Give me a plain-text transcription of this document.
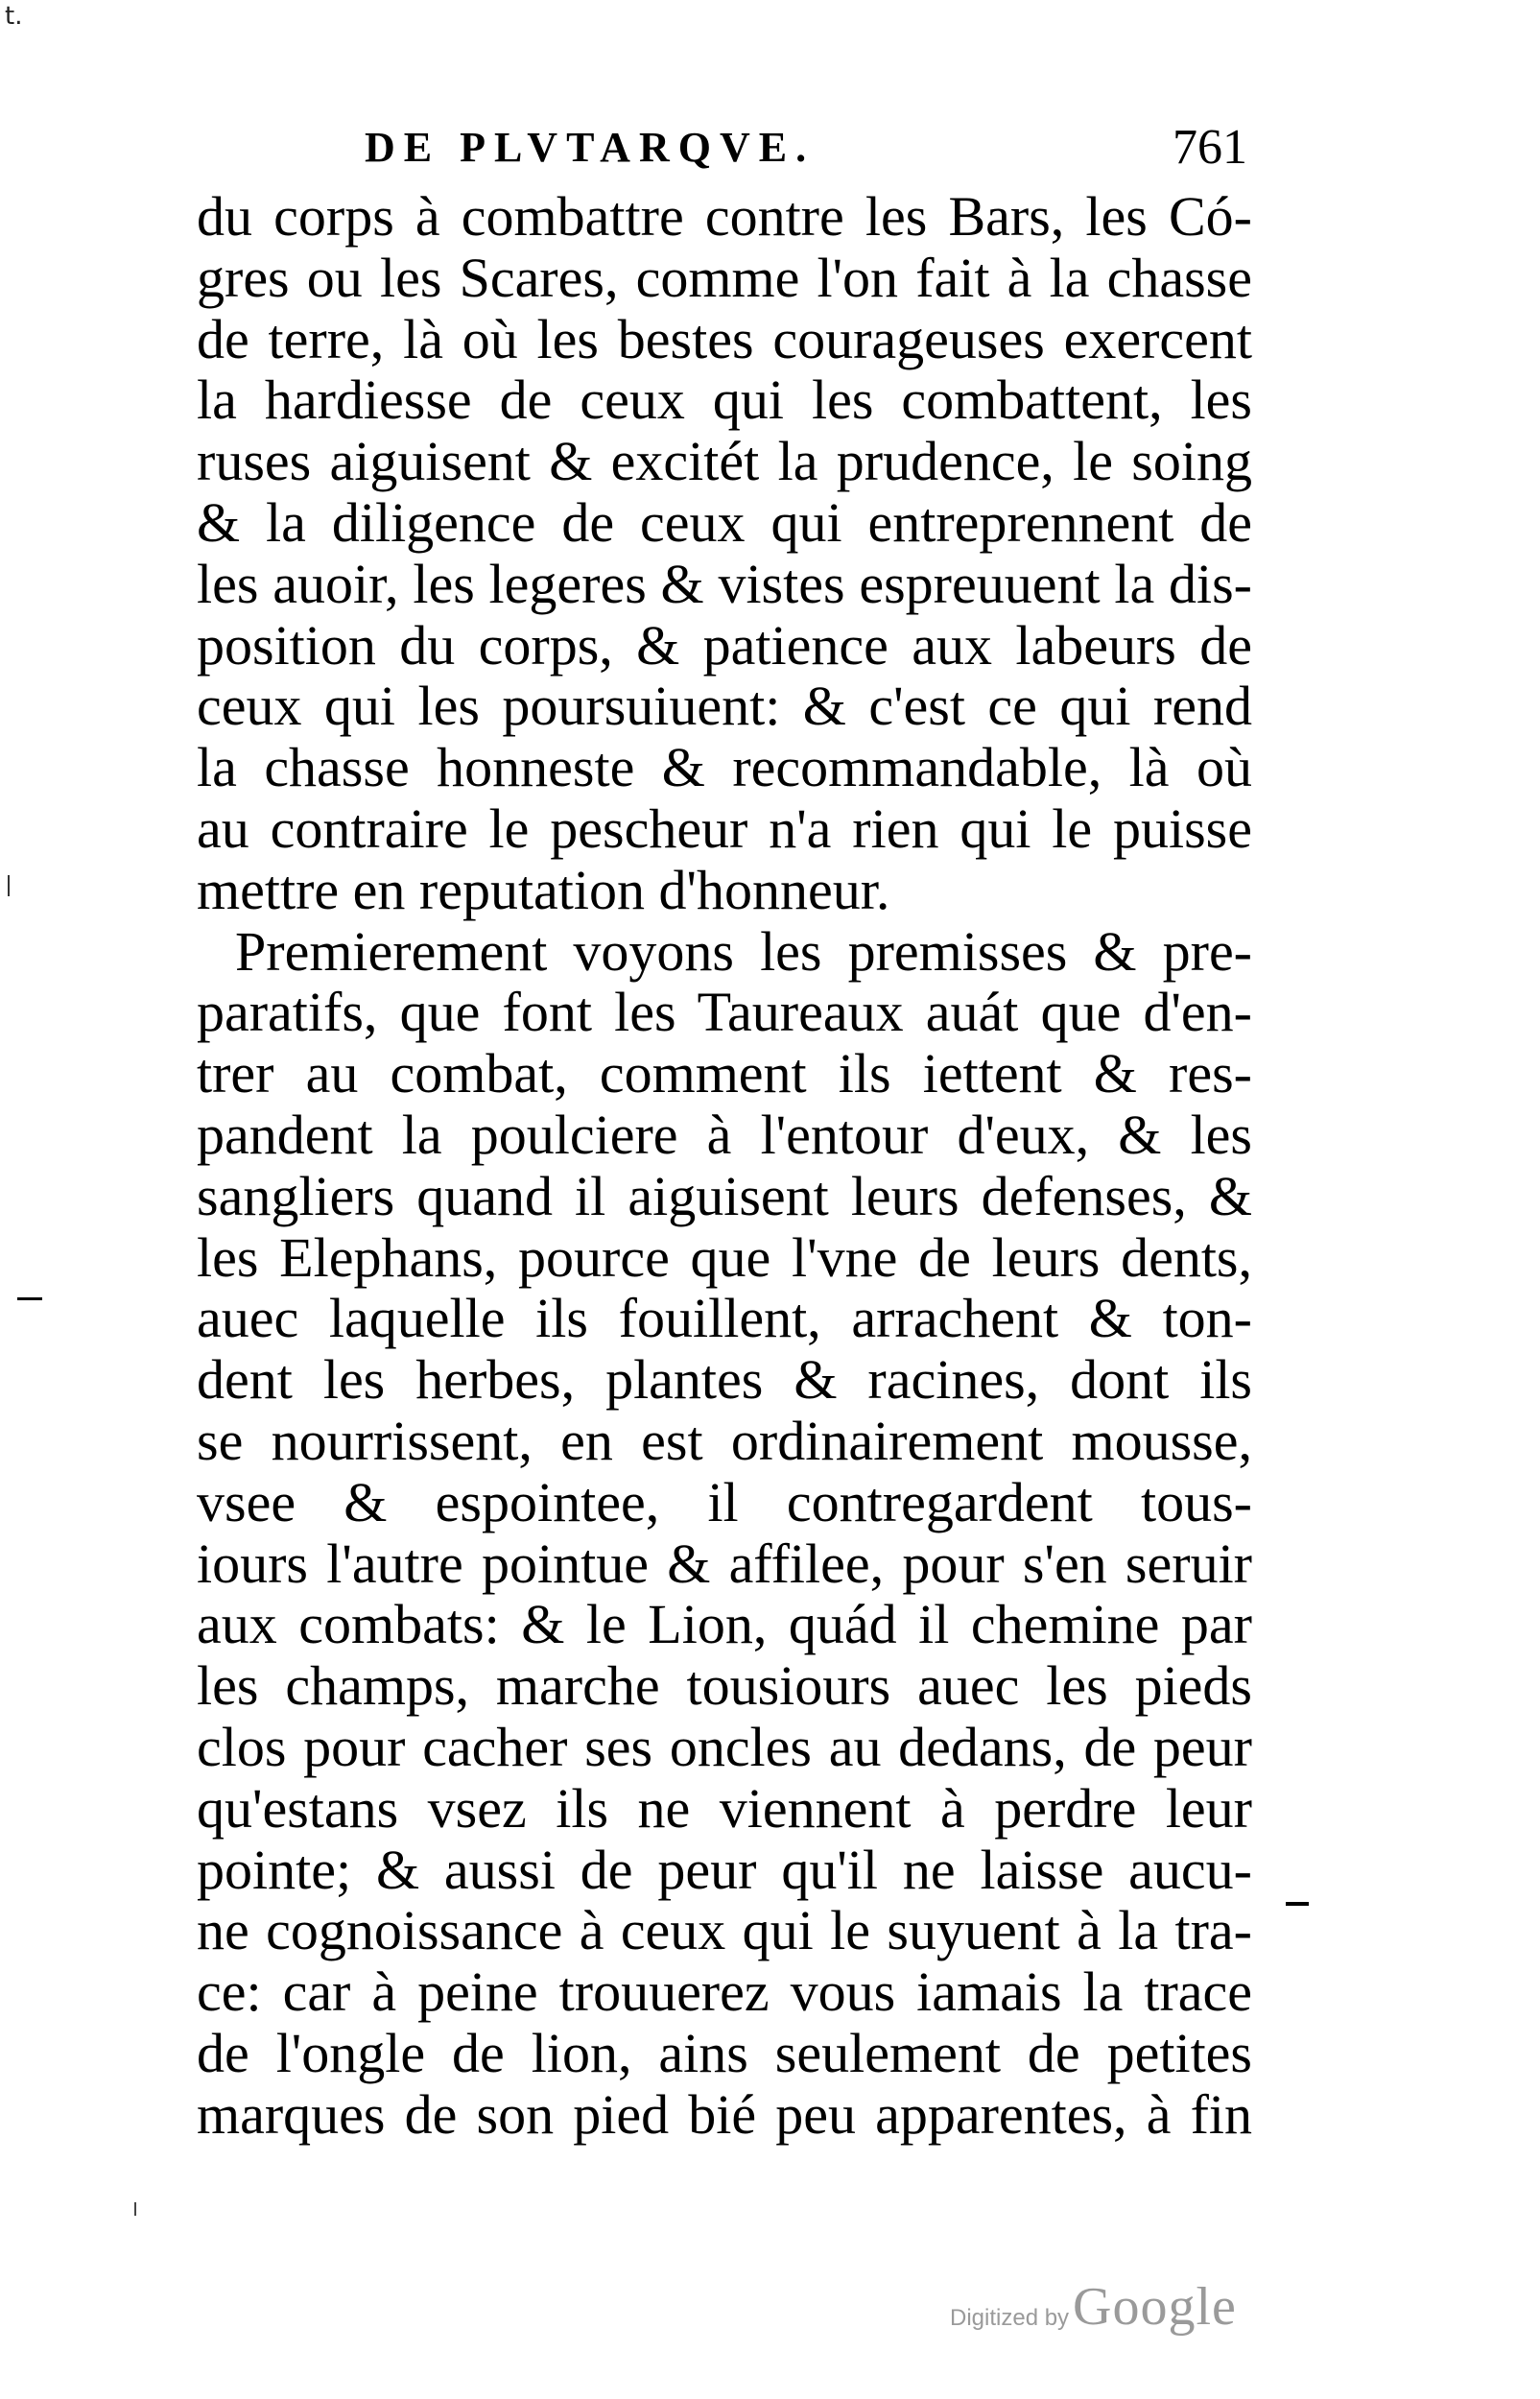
t.
DE PLVTARQVE.	761
du corps à combattre contre les Bars, les Có-
gres ou les Scares, comme l'on fait à la chasse
de terre, là où les bestes courageuses exercent
la hardiesse de ceux qui les combattent, les
ruses aiguisent & excitét la prudence, le soing
& la diligence de ceux qui entreprennent de
les auoir, les legeres & vistes espreuuent la dis-
position du corps, & patience aux labeurs de
ceux qui les poursuiuent: & c'est ce qui rend
la chasse honneste & recommandable, là où
au contraire le pescheur n'a rien qui le puisse
mettre en reputation d'honneur.
Premierement voyons les premisses & pre-
paratifs, que font les Taureaux auát que d'en-
trer au combat, comment ils iettent & res-
pandent la poulciere à l'entour d'eux, & les
sangliers quand il aiguisent leurs defenses, &
les Elephans, pource que l'vne de leurs dents,
auec laquelle ils fouillent, arrachent & ton-
dent les herbes, plantes & racines, dont ils
se nourrissent, en est ordinairement mousse,
vsee & espointee, il contregardent tous-
iours l'autre pointue & affilee, pour s'en seruir
aux combats: & le Lion, quád il chemine par
les champs, marche tousiours auec les pieds
clos pour cacher ses oncles au dedans, de peur
qu'estans vsez ils ne viennent à perdre leur
pointe; & aussi de peur qu'il ne laisse aucu-
ne cognoissance à ceux qui le suyuent à la tra-
ce: car à peine trouuerez vous iamais la trace
de l'ongle de lion, ains seulement de petites
marques de son pied bié peu apparentes, à fin
Digitized by Google
